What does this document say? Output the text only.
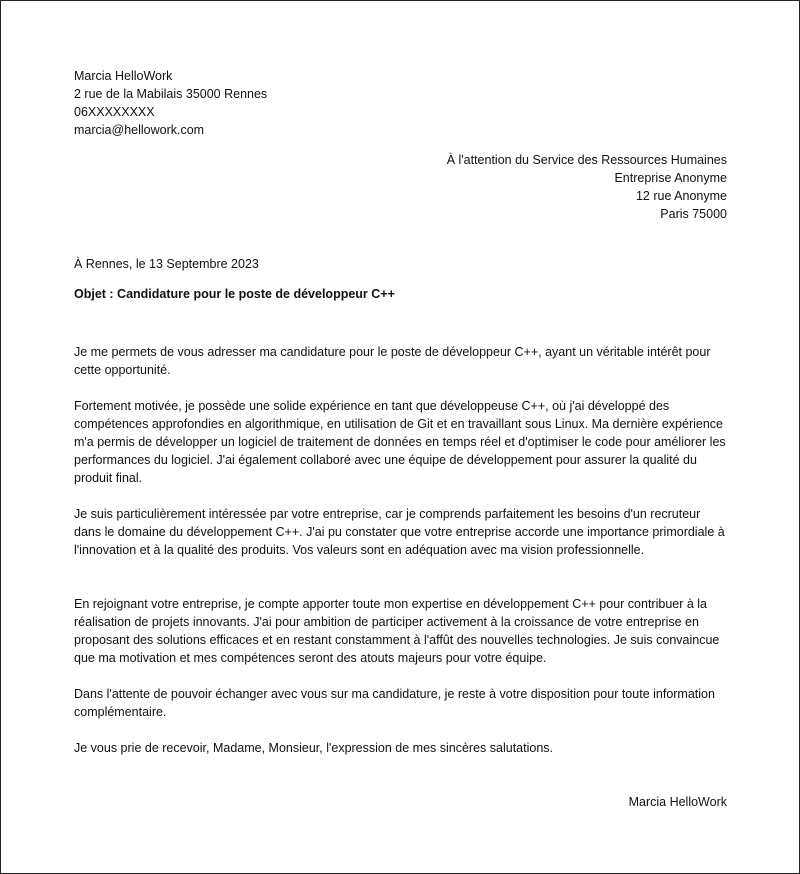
Marcia HelloWork
2 rue de la Mabilais 35000 Rennes
06XXXXXXXX
marcia@hellowork.com
À l'attention du Service des Ressources Humaines
Entreprise Anonyme
12 rue Anonyme
Paris 75000
À Rennes, le 13 Septembre 2023
Objet : Candidature pour le poste de développeur C++

Je me permets de vous adresser ma candidature pour le poste de développeur C++, ayant un véritable intérêt pour cette opportunité.

Fortement motivée, je possède une solide expérience en tant que développeuse C++, où j'ai développé des compétences approfondies en algorithmique, en utilisation de Git et en travaillant sous Linux. Ma dernière expérience m'a permis de développer un logiciel de traitement de données en temps réel et d'optimiser le code pour améliorer les performances du logiciel. J'ai également collaboré avec une équipe de développement pour assurer la qualité du produit final.

Je suis particulièrement intéressée par votre entreprise, car je comprends parfaitement les besoins d'un recruteur dans le domaine du développement C++. J'ai pu constater que votre entreprise accorde une importance primordiale à l'innovation et à la qualité des produits. Vos valeurs sont en adéquation avec ma vision professionnelle.

En rejoignant votre entreprise, je compte apporter toute mon expertise en développement C++ pour contribuer à la réalisation de projets innovants. J'ai pour ambition de participer activement à la croissance de votre entreprise en proposant des solutions efficaces et en restant constamment à l'affût des nouvelles technologies. Je suis convaincue que ma motivation et mes compétences seront des atouts majeurs pour votre équipe.

Dans l'attente de pouvoir échanger avec vous sur ma candidature, je reste à votre disposition pour toute information complémentaire.

Je vous prie de recevoir, Madame, Monsieur, l'expression de mes sincères salutations.

Marcia HelloWork
